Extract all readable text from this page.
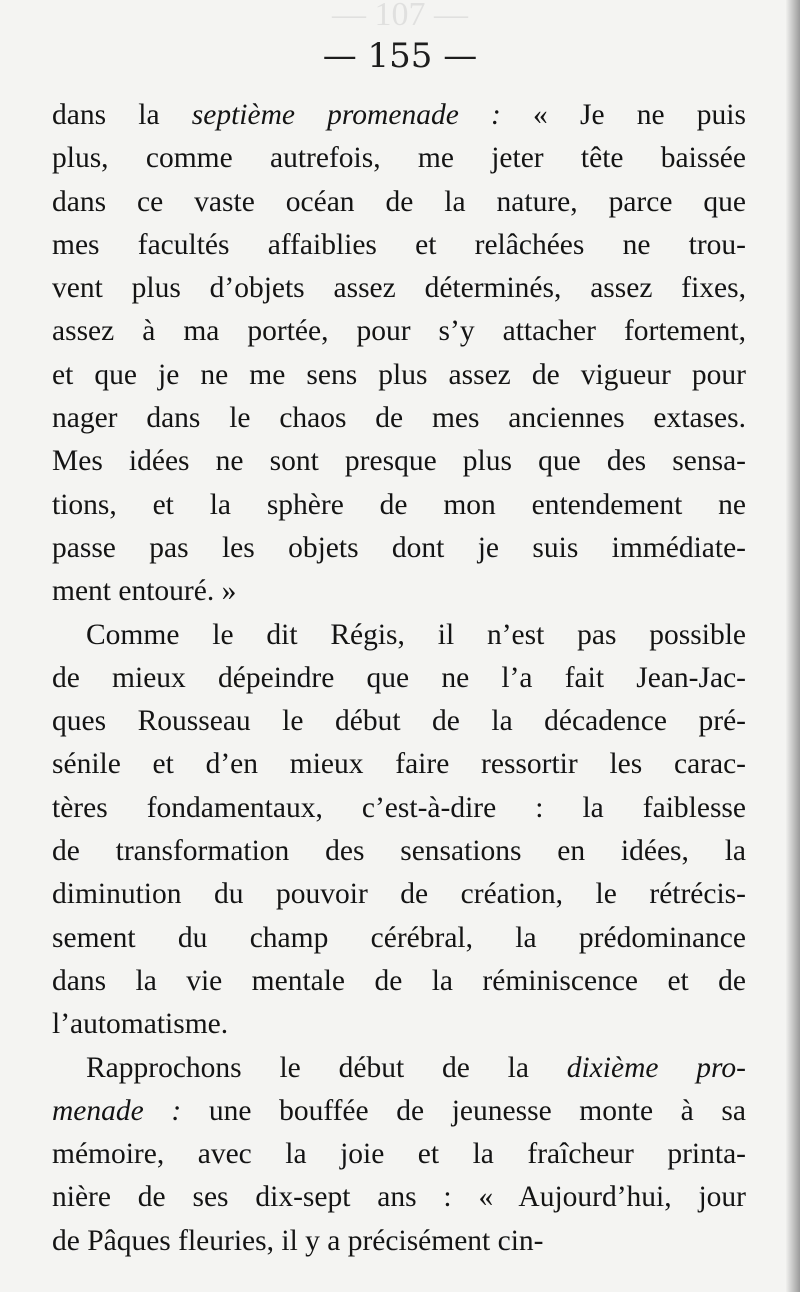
— 107 —
— 155 —
dans la septième promenade : « Je ne puis
plus, comme autrefois, me jeter tête baissée
dans ce vaste océan de la nature, parce que
mes facultés affaiblies et relâchées ne trou-
vent plus d’objets assez déterminés, assez fixes,
assez à ma portée, pour s’y attacher fortement,
et que je ne me sens plus assez de vigueur pour
nager dans le chaos de mes anciennes extases.
Mes idées ne sont presque plus que des sensa-
tions, et la sphère de mon entendement ne
passe pas les objets dont je suis immédiate-
ment entouré. »
Comme le dit Régis, il n’est pas possible
de mieux dépeindre que ne l’a fait Jean-Jac-
ques Rousseau le début de la décadence pré-
sénile et d’en mieux faire ressortir les carac-
tères fondamentaux, c’est-à-dire : la faiblesse
de transformation des sensations en idées, la
diminution du pouvoir de création, le rétrécis-
sement du champ cérébral, la prédominance
dans la vie mentale de la réminiscence et de
l’automatisme.
Rapprochons le début de la dixième pro-
menade : une bouffée de jeunesse monte à sa
mémoire, avec la joie et la fraîcheur printa-
nière de ses dix-sept ans : « Aujourd’hui, jour
de Pâques fleuries, il y a précisément cin-
